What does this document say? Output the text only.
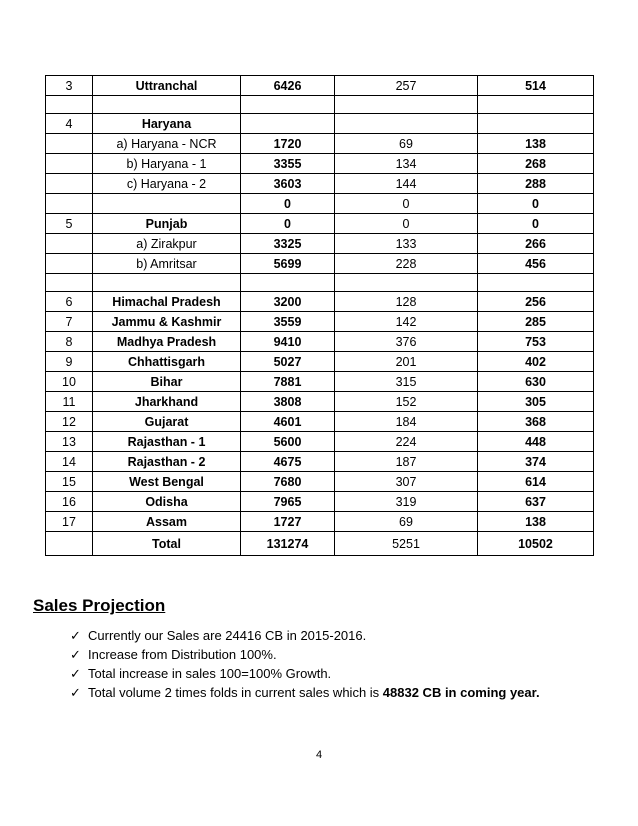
3	Uttranchal	6426	257	514

4	Haryana			
	a) Haryana - NCR	1720	69	138
	b) Haryana - 1	3355	134	268
	c) Haryana - 2	3603	144	288
		0	0	0
5	Punjab	0	0	0
	a) Zirakpur	3325	133	266
	b) Amritsar	5699	228	456

6	Himachal Pradesh	3200	128	256
7	Jammu & Kashmir	3559	142	285
8	Madhya Pradesh	9410	376	753
9	Chhattisgarh	5027	201	402
10	Bihar	7881	315	630
11	Jharkhand	3808	152	305
12	Gujarat	4601	184	368
13	Rajasthan - 1	5600	224	448
14	Rajasthan - 2	4675	187	374
15	West Bengal	7680	307	614
16	Odisha	7965	319	637
17	Assam	1727	69	138
	Total	131274	5251	10502
Sales Projection
✓ Currently our Sales are 24416 CB in 2015-2016.
✓ Increase from Distribution 100%.
✓ Total increase in sales 100=100% Growth.
✓ Total volume 2 times folds in current sales which is 48832 CB in coming year.
4
